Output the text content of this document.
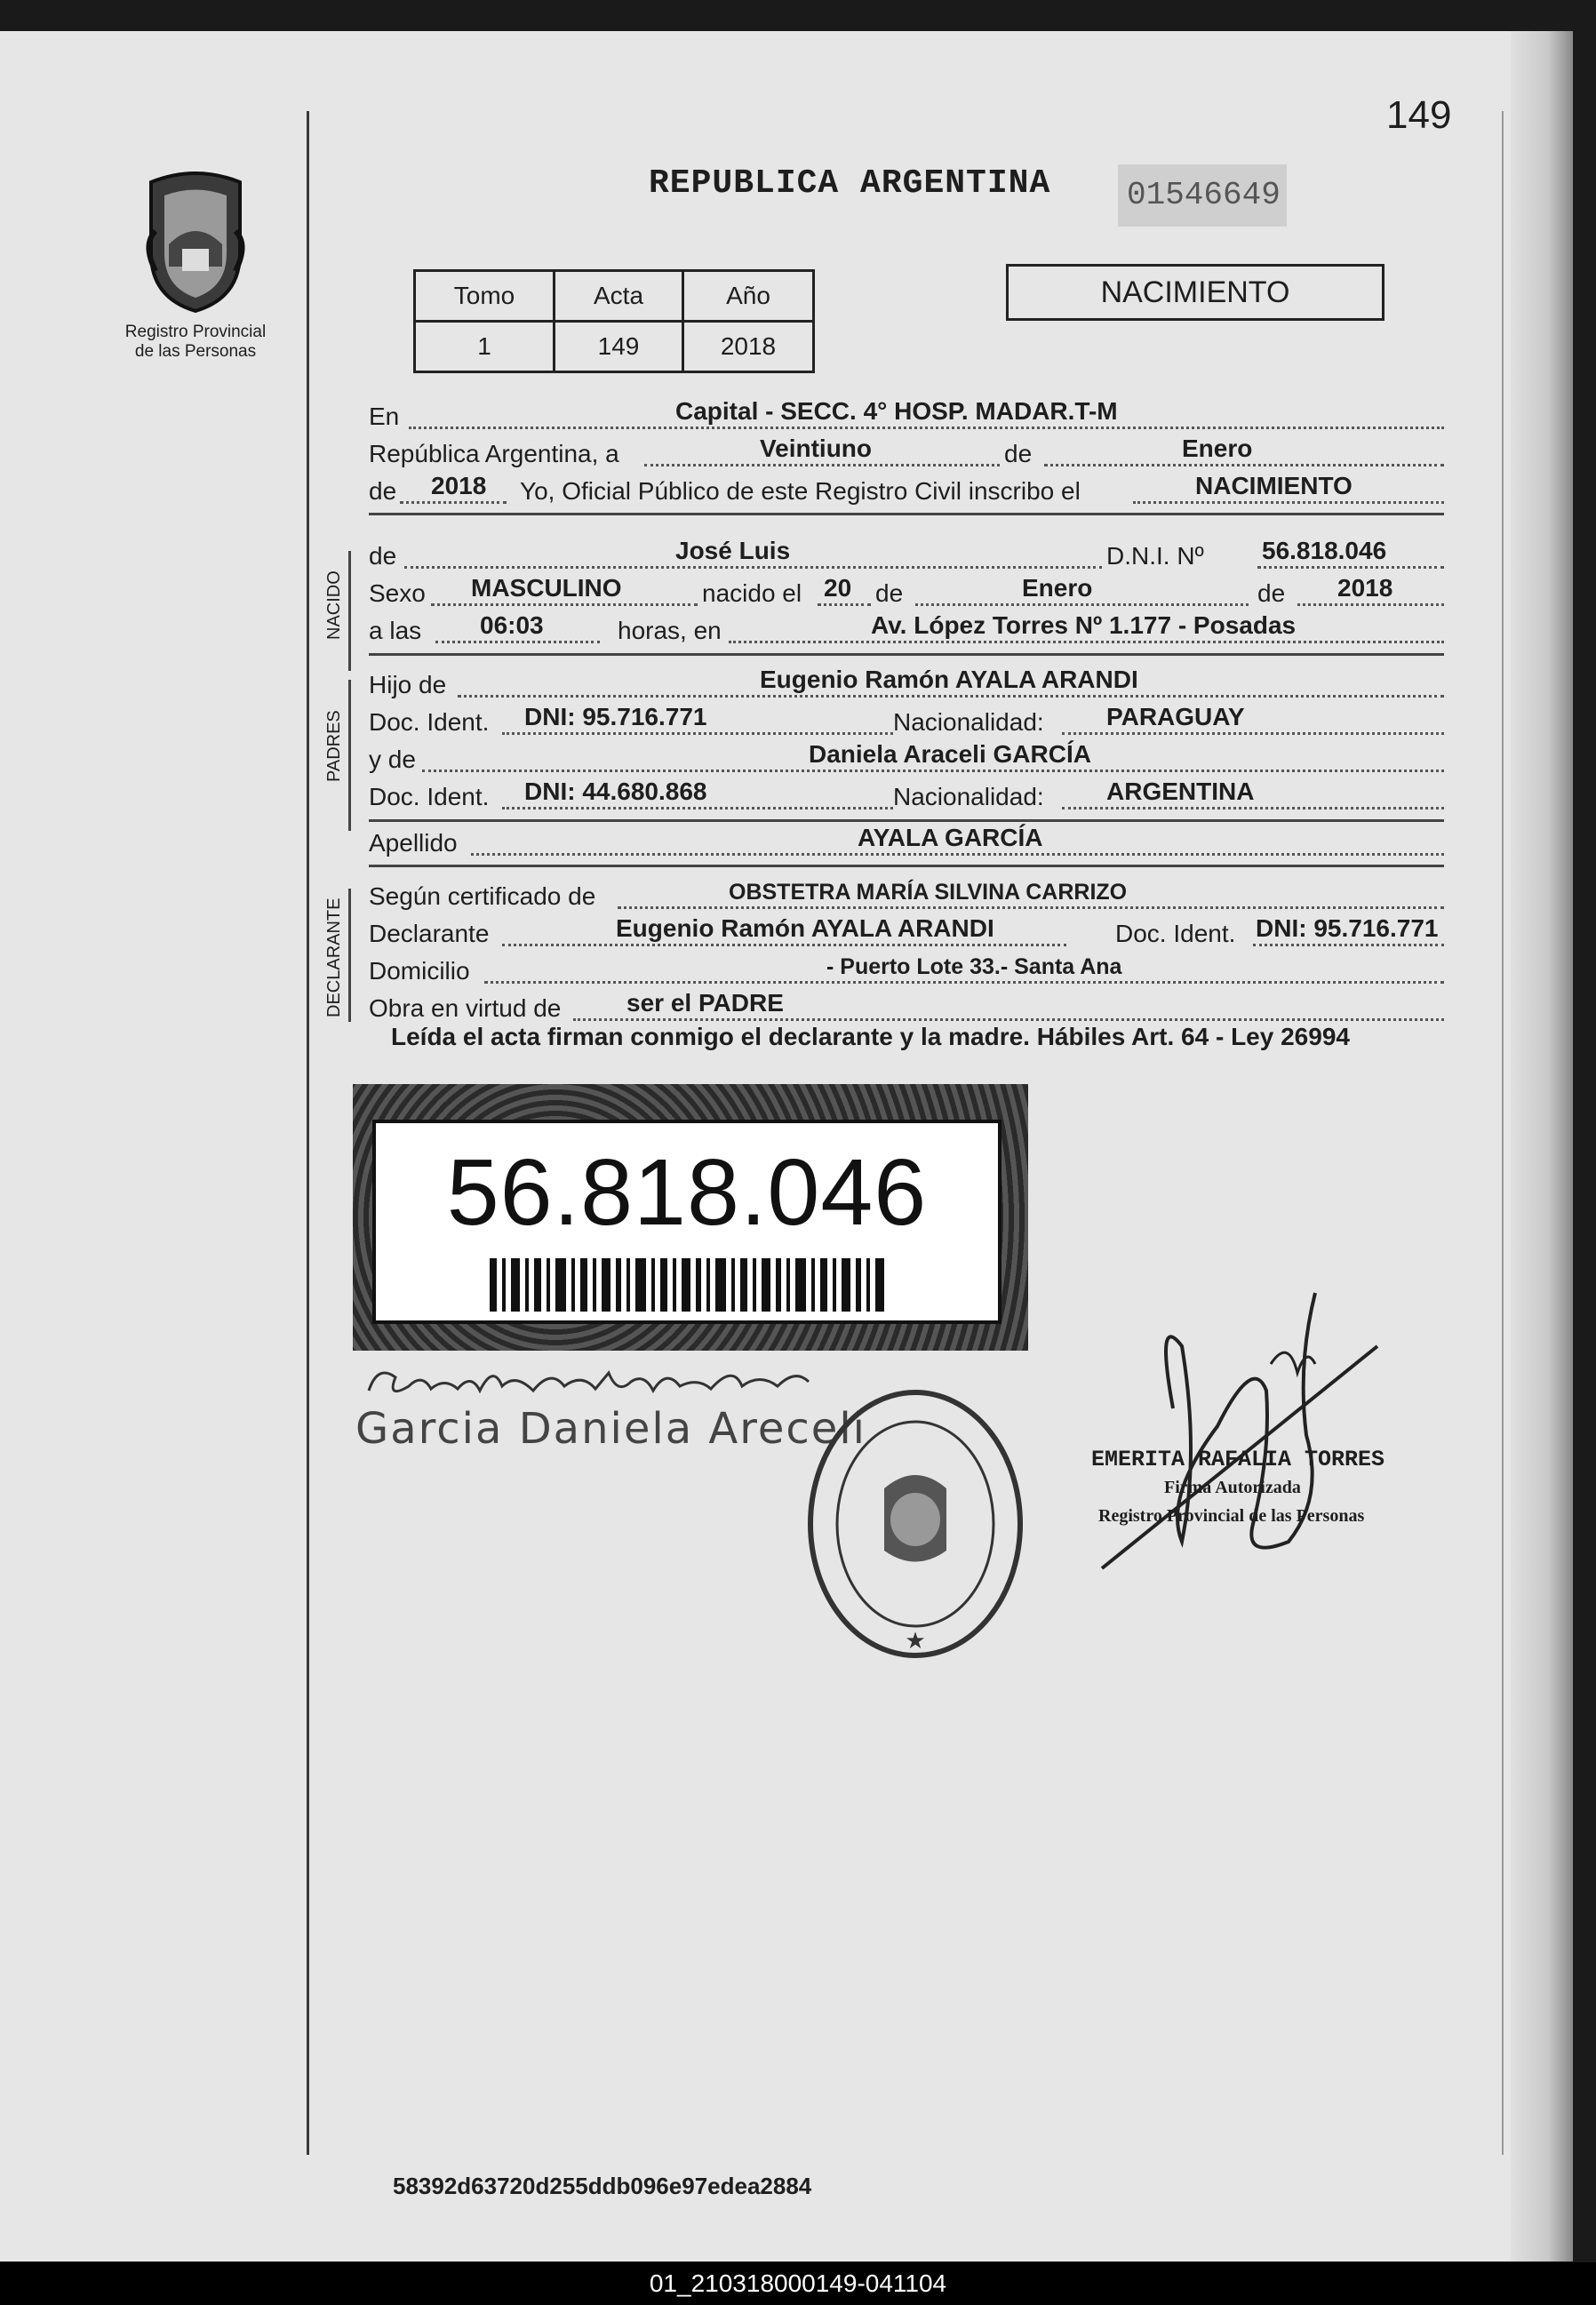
149
Registro Provincial
de las Personas
REPUBLICA ARGENTINA 01546649
Tomo	Acta	Año
1	149	2018
NACIMIENTO
En	Capital - SECC. 4° HOSP. MADAR.T-M
República Argentina, a	Veintiuno	de	Enero
de 2018 Yo, Oficial Público de este Registro Civil inscribo el	NACIMIENTO
NACIDO
de	José Luis	D.N.I. Nº 56.818.046
Sexo MASCULINO	nacido el 20 de	Enero	de 2018
a las 06:03	horas, en	Av. López Torres Nº 1.177 - Posadas
PADRES
Hijo de	Eugenio Ramón AYALA ARANDI
Doc. Ident. DNI: 95.716.771	Nacionalidad:	PARAGUAY
y de	Daniela Araceli GARCÍA
Doc. Ident. DNI: 44.680.868	Nacionalidad:	ARGENTINA
Apellido	AYALA GARCÍA
DECLARANTE
Según certificado de	OBSTETRA MARÍA SILVINA CARRIZO
Declarante	Eugenio Ramón AYALA ARANDI	Doc. Ident. DNI: 95.716.771
Domicilio	- Puerto Lote 33.- Santa Ana
Obra en virtud de	ser el PADRE
Leída el acta firman conmigo el declarante y la madre. Hábiles Art. 64 - Ley 26994
56.818.046
Garcia Daniela Areceli
★
EMERITA RAFALIA TORRES
Firma Autorizada
Registro Provincial de las Personas
58392d63720d255ddb096e97edea2884
01_210318000149-041104
